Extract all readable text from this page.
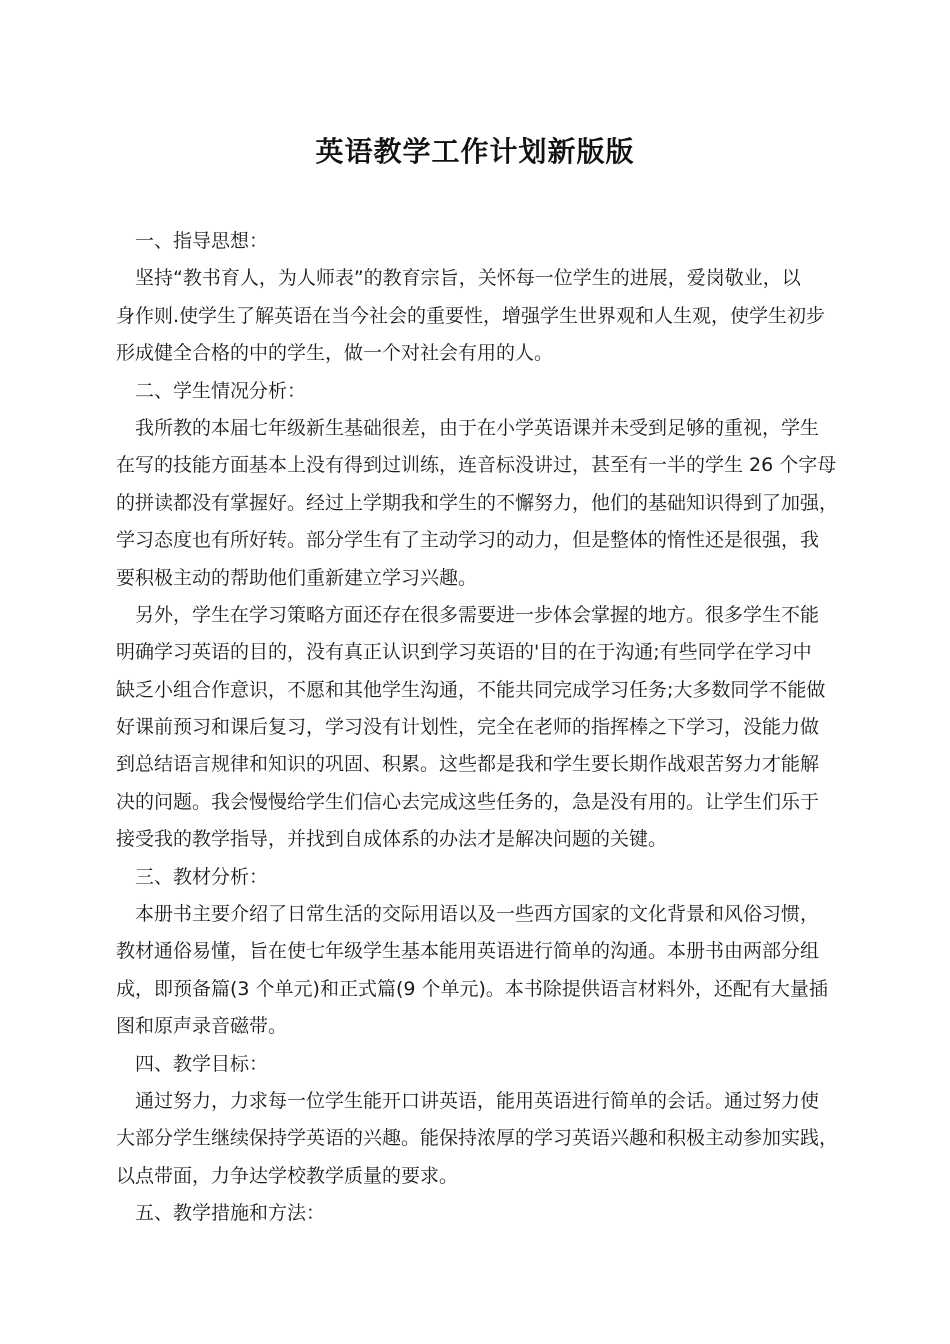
英语教学工作计划新版版
一、指导思想：
坚持“教书育人，为人师表”的教育宗旨，关怀每一位学生的进展，爱岗敬业，以
身作则.使学生了解英语在当今社会的重要性，增强学生世界观和人生观，使学生初步
形成健全合格的中的学生，做一个对社会有用的人。
二、学生情况分析：
我所教的本届七年级新生基础很差，由于在小学英语课并未受到足够的重视，学生
在写的技能方面基本上没有得到过训练，连音标没讲过，甚至有一半的学生 26 个字母
的拼读都没有掌握好。经过上学期我和学生的不懈努力，他们的基础知识得到了加强，
学习态度也有所好转。部分学生有了主动学习的动力，但是整体的惰性还是很强，我
要积极主动的帮助他们重新建立学习兴趣。
另外，学生在学习策略方面还存在很多需要进一步体会掌握的地方。很多学生不能
明确学习英语的目的，没有真正认识到学习英语的'目的在于沟通;有些同学在学习中
缺乏小组合作意识，不愿和其他学生沟通，不能共同完成学习任务;大多数同学不能做
好课前预习和课后复习，学习没有计划性，完全在老师的指挥棒之下学习，没能力做
到总结语言规律和知识的巩固、积累。这些都是我和学生要长期作战艰苦努力才能解
决的问题。我会慢慢给学生们信心去完成这些任务的，急是没有用的。让学生们乐于
接受我的教学指导，并找到自成体系的办法才是解决问题的关键。
三、教材分析：
本册书主要介绍了日常生活的交际用语以及一些西方国家的文化背景和风俗习惯，
教材通俗易懂，旨在使七年级学生基本能用英语进行简单的沟通。本册书由两部分组
成，即预备篇(3 个单元)和正式篇(9 个单元)。本书除提供语言材料外，还配有大量插
图和原声录音磁带。
四、教学目标：
通过努力，力求每一位学生能开口讲英语，能用英语进行简单的会话。通过努力使
大部分学生继续保持学英语的兴趣。能保持浓厚的学习英语兴趣和积极主动参加实践，
以点带面，力争达学校教学质量的要求。
五、教学措施和方法：
